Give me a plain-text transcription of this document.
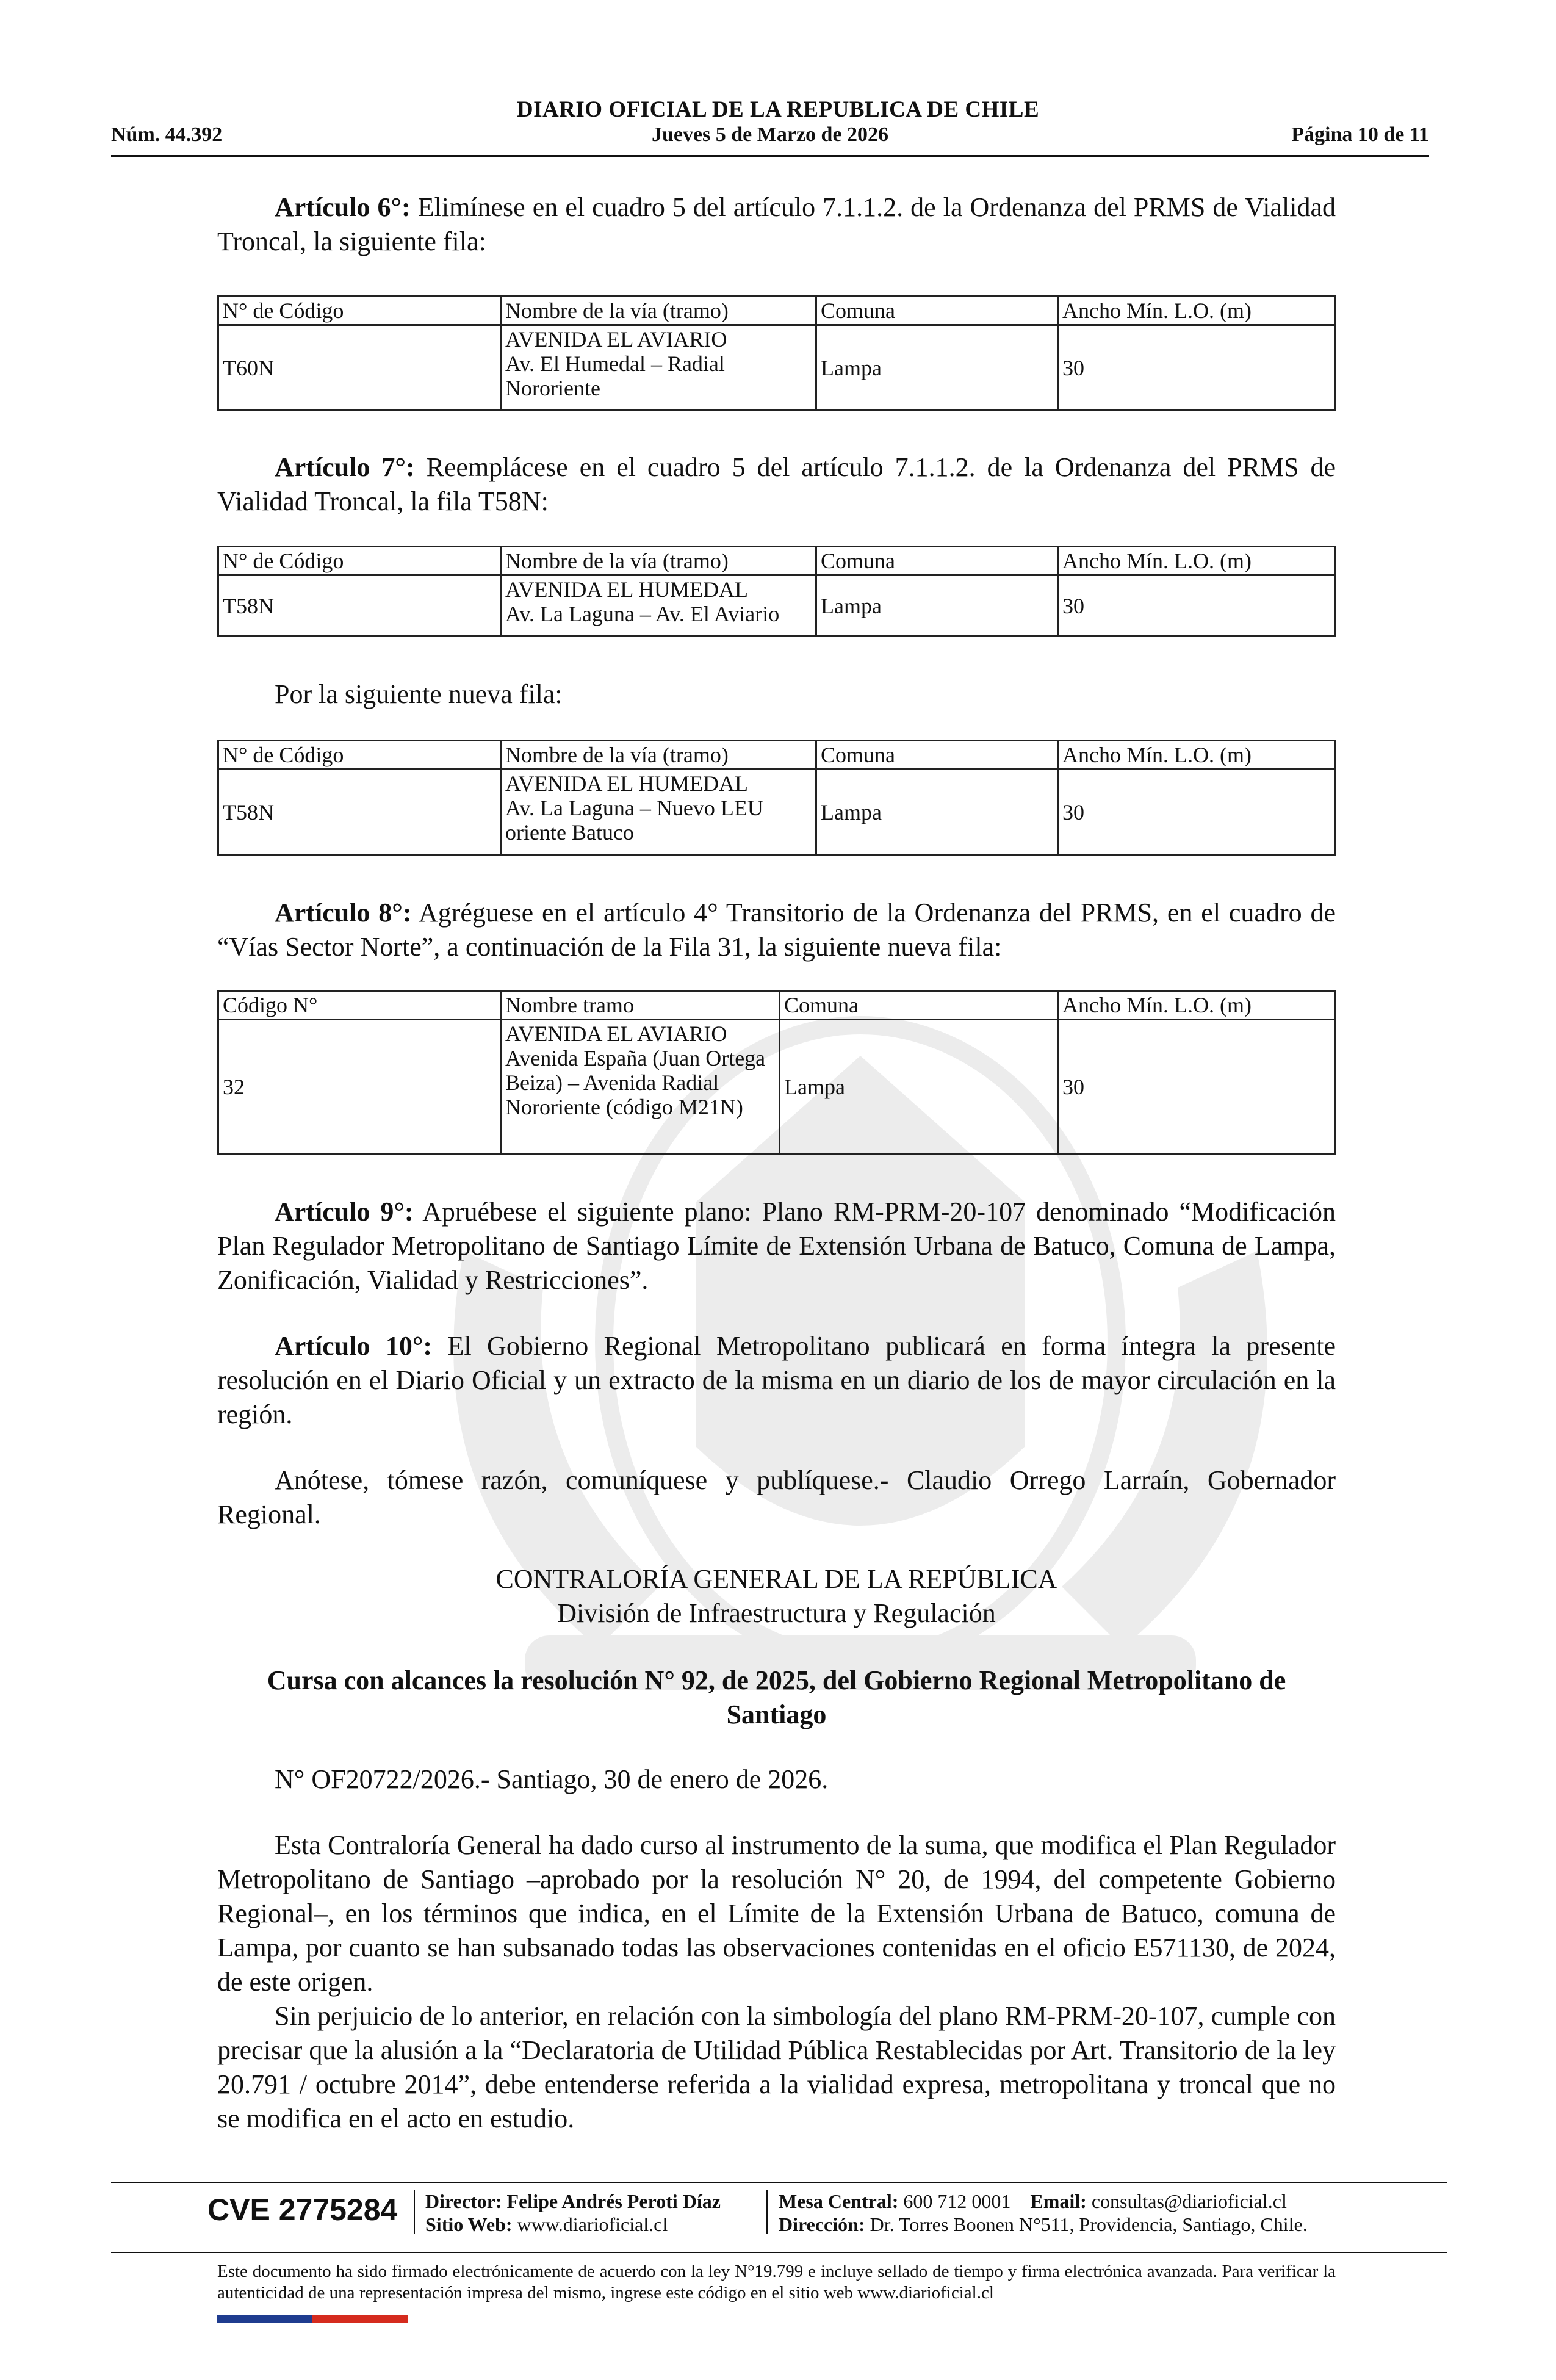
DIARIO OFICIAL DE LA REPUBLICA DE CHILE
Núm. 44.392	Jueves 5 de Marzo de 2026	Página 10 de 11
Artículo 6°: Elimínese en el cuadro 5 del artículo 7.1.1.2. de la Ordenanza del PRMS de Vialidad Troncal, la siguiente fila:
N° de Código	Nombre de la vía (tramo)	Comuna	Ancho Mín. L.O. (m)
T60N	AVENIDA EL AVIARIO
Av. El Humedal – Radial Nororiente	Lampa	30
Artículo 7°: Reemplácese en el cuadro 5 del artículo 7.1.1.2. de la Ordenanza del PRMS de Vialidad Troncal, la fila T58N:
N° de Código	Nombre de la vía (tramo)	Comuna	Ancho Mín. L.O. (m)
T58N	AVENIDA EL HUMEDAL
Av. La Laguna – Av. El Aviario	Lampa	30
Por la siguiente nueva fila:
N° de Código	Nombre de la vía (tramo)	Comuna	Ancho Mín. L.O. (m)
T58N	AVENIDA EL HUMEDAL
Av. La Laguna – Nuevo LEU oriente Batuco	Lampa	30
Artículo 8°: Agréguese en el artículo 4° Transitorio de la Ordenanza del PRMS, en el cuadro de “Vías Sector Norte”, a continuación de la Fila 31, la siguiente nueva fila:
Código N°	Nombre tramo	Comuna	Ancho Mín. L.O. (m)
32	AVENIDA EL AVIARIO
Avenida España (Juan Ortega Beiza) – Avenida Radial Nororiente (código M21N)	Lampa	30
Artículo 9°: Apruébese el siguiente plano: Plano RM-PRM-20-107 denominado “Modificación Plan Regulador Metropolitano de Santiago Límite de Extensión Urbana de Batuco, Comuna de Lampa, Zonificación, Vialidad y Restricciones”.
Artículo 10°: El Gobierno Regional Metropolitano publicará en forma íntegra la presente resolución en el Diario Oficial y un extracto de la misma en un diario de los de mayor circulación en la región.
Anótese, tómese razón, comuníquese y publíquese.- Claudio Orrego Larraín, Gobernador Regional.
CONTRALORÍA GENERAL DE LA REPÚBLICA
División de Infraestructura y Regulación
Cursa con alcances la resolución N° 92, de 2025, del Gobierno Regional Metropolitano de Santiago
N° OF20722/2026.- Santiago, 30 de enero de 2026.
Esta Contraloría General ha dado curso al instrumento de la suma, que modifica el Plan Regulador Metropolitano de Santiago –aprobado por la resolución N° 20, de 1994, del competente Gobierno Regional–, en los términos que indica, en el Límite de la Extensión Urbana de Batuco, comuna de Lampa, por cuanto se han subsanado todas las observaciones contenidas en el oficio E571130, de 2024, de este origen.
Sin perjuicio de lo anterior, en relación con la simbología del plano RM-PRM-20-107, cumple con precisar que la alusión a la “Declaratoria de Utilidad Pública Restablecidas por Art. Transitorio de la ley 20.791 / octubre 2014”, debe entenderse referida a la vialidad expresa, metropolitana y troncal que no se modifica en el acto en estudio.
CVE 2775284 Director: Felipe Andrés Peroti Díaz
Sitio Web: www.diarioficial.cl
Mesa Central: 600 712 0001 Email: consultas@diarioficial.cl
Dirección: Dr. Torres Boonen N°511, Providencia, Santiago, Chile.
Este documento ha sido firmado electrónicamente de acuerdo con la ley N°19.799 e incluye sellado de tiempo y firma electrónica avanzada. Para verificar la autenticidad de una representación impresa del mismo, ingrese este código en el sitio web www.diarioficial.cl
